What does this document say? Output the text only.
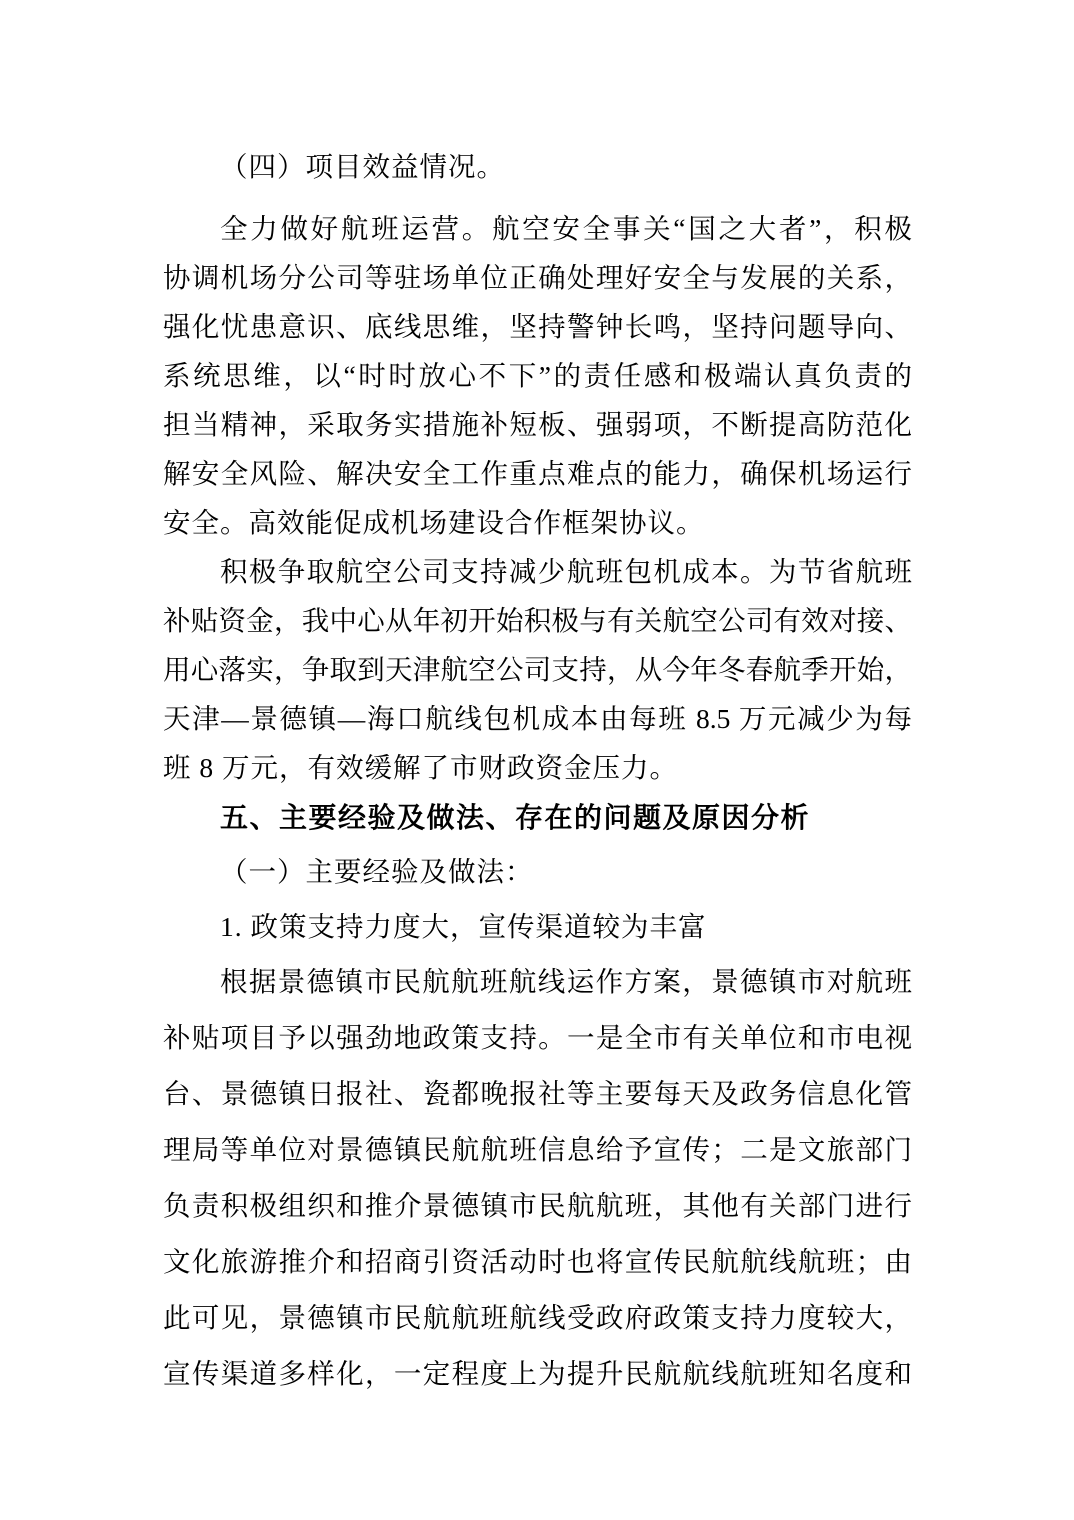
（四）项目效益情况。
全力做好航班运营。航空安全事关“国之大者”，积极
协调机场分公司等驻场单位正确处理好安全与发展的关系，
强化忧患意识、底线思维，坚持警钟长鸣，坚持问题导向、
系统思维，以“时时放心不下”的责任感和极端认真负责的
担当精神，采取务实措施补短板、强弱项，不断提高防范化
解安全风险、解决安全工作重点难点的能力，确保机场运行
安全。高效能促成机场建设合作框架协议。
积极争取航空公司支持减少航班包机成本。为节省航班
补贴资金，我中心从年初开始积极与有关航空公司有效对接、
用心落实，争取到天津航空公司支持，从今年冬春航季开始，
天津—景德镇—海口航线包机成本由每班 8.5 万元减少为每
班 8 万元，有效缓解了市财政资金压力。
五、主要经验及做法、存在的问题及原因分析
（一）主要经验及做法：
1. 政策支持力度大，宣传渠道较为丰富
根据景德镇市民航航班航线运作方案，景德镇市对航班
补贴项目予以强劲地政策支持。一是全市有关单位和市电视
台、景德镇日报社、瓷都晚报社等主要每天及政务信息化管
理局等单位对景德镇民航航班信息给予宣传；二是文旅部门
负责积极组织和推介景德镇市民航航班，其他有关部门进行
文化旅游推介和招商引资活动时也将宣传民航航线航班；由
此可见，景德镇市民航航班航线受政府政策支持力度较大，
宣传渠道多样化，一定程度上为提升民航航线航班知名度和
